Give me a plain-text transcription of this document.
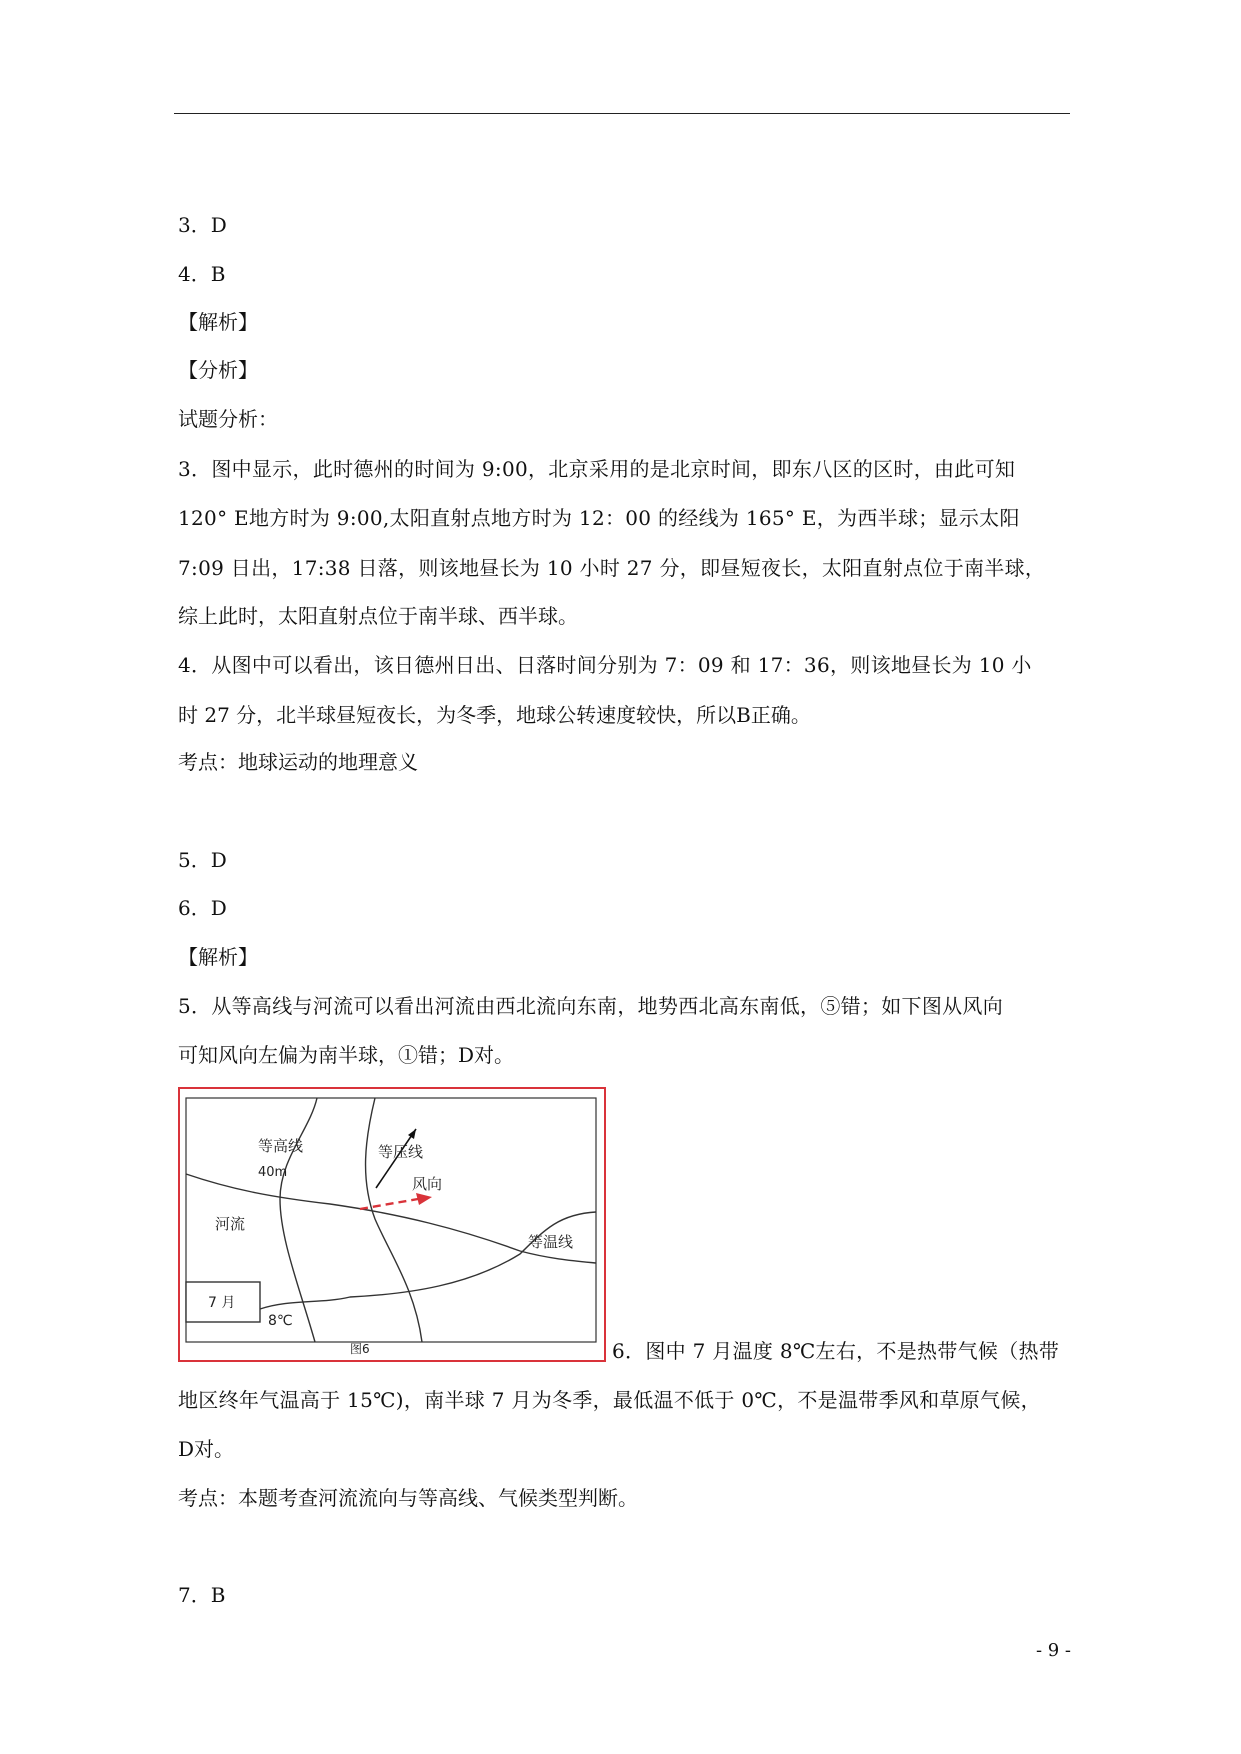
3．D
4．B
【解析】
【分析】
试题分析：
3．图中显示，此时德州的时间为 9:00，北京采用的是北京时间，即东八区的区时，由此可知
120° E地方时为 9:00,太阳直射点地方时为 12：00 的经线为 165° E，为西半球；显示太阳
7:09 日出，17:38 日落，则该地昼长为 10 小时 27 分，即昼短夜长，太阳直射点位于南半球，
综上此时，太阳直射点位于南半球、西半球。
4．从图中可以看出，该日德州日出、日落时间分别为 7：09 和 17：36，则该地昼长为 10 小
时 27 分，北半球昼短夜长，为冬季，地球公转速度较快，所以B正确。
考点：地球运动的地理意义
5．D
6．D
【解析】
5．从等高线与河流可以看出河流由西北流向东南，地势西北高东南低，⑤错；如下图从风向
可知风向左偏为南半球，①错；D对。
等高线
40m
等压线
风向
河流
等温线
7 月
8℃
图6	6．图中 7 月温度 8℃左右，不是热带气候（热带
地区终年气温高于 15℃)，南半球 7 月为冬季，最低温不低于 0℃，不是温带季风和草原气候，
D对。
考点：本题考查河流流向与等高线、气候类型判断。
7．B
- 9 -
